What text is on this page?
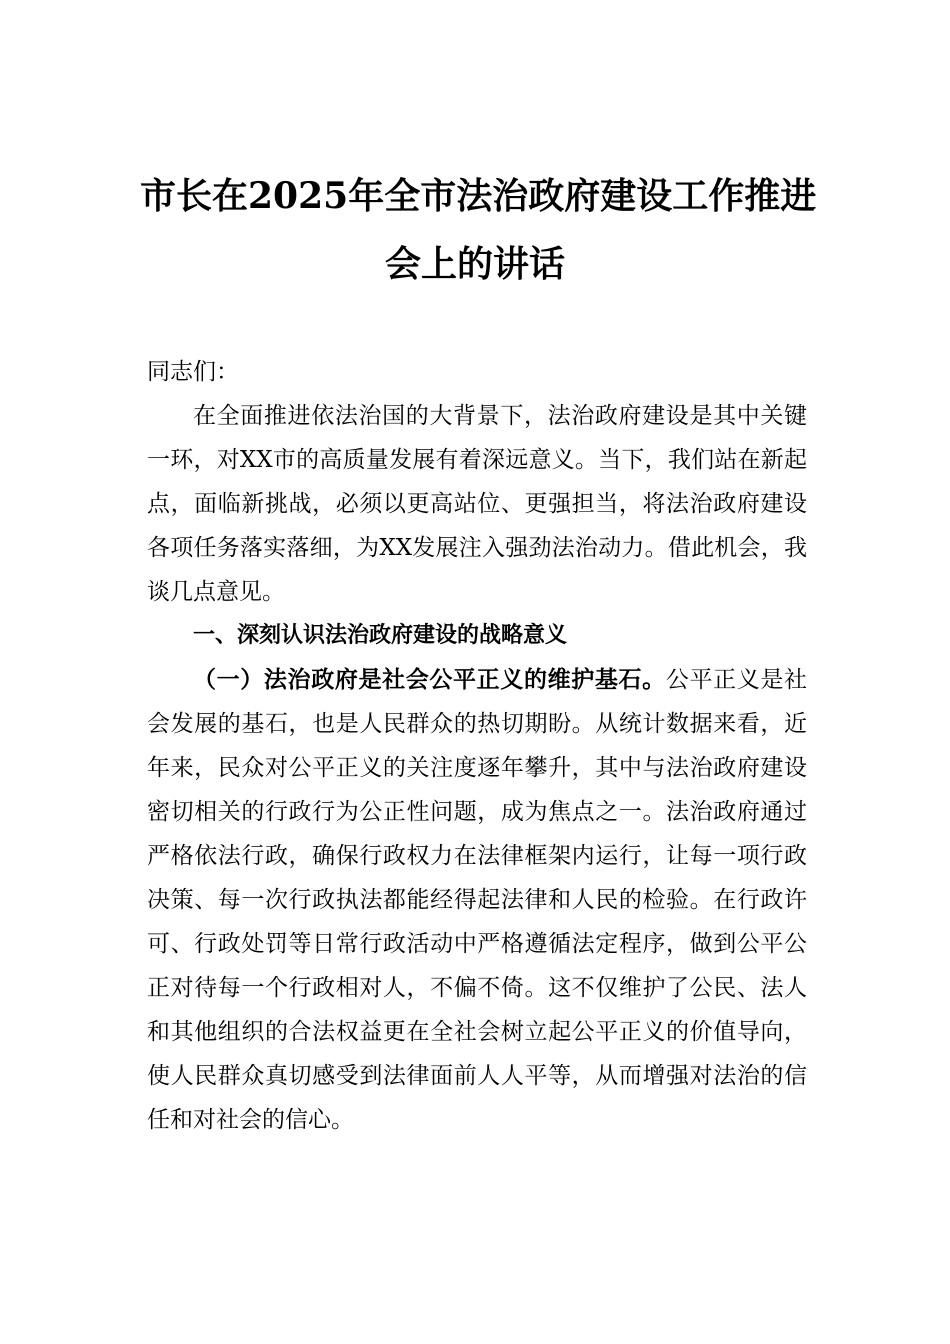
市长在2025年全市法治政府建设工作推进
会上的讲话

同志们：

在全面推进依法治国的大背景下，法治政府建设是其中关键一环，对XX市的高质量发展有着深远意义。当下，我们站在新起点，面临新挑战，必须以更高站位、更强担当，将法治政府建设各项任务落实落细，为XX发展注入强劲法治动力。借此机会，我谈几点意见。

一、深刻认识法治政府建设的战略意义

（一）法治政府是社会公平正义的维护基石。公平正义是社会发展的基石，也是人民群众的热切期盼。从统计数据来看，近年来，民众对公平正义的关注度逐年攀升，其中与法治政府建设密切相关的行政行为公正性问题，成为焦点之一。法治政府通过严格依法行政，确保行政权力在法律框架内运行，让每一项行政决策、每一次行政执法都能经得起法律和人民的检验。在行政许可、行政处罚等日常行政活动中严格遵循法定程序，做到公平公正对待每一个行政相对人，不偏不倚。这不仅维护了公民、法人和其他组织的合法权益更在全社会树立起公平正义的价值导向，使人民群众真切感受到法律面前人人平等，从而增强对法治的信任和对社会的信心。
